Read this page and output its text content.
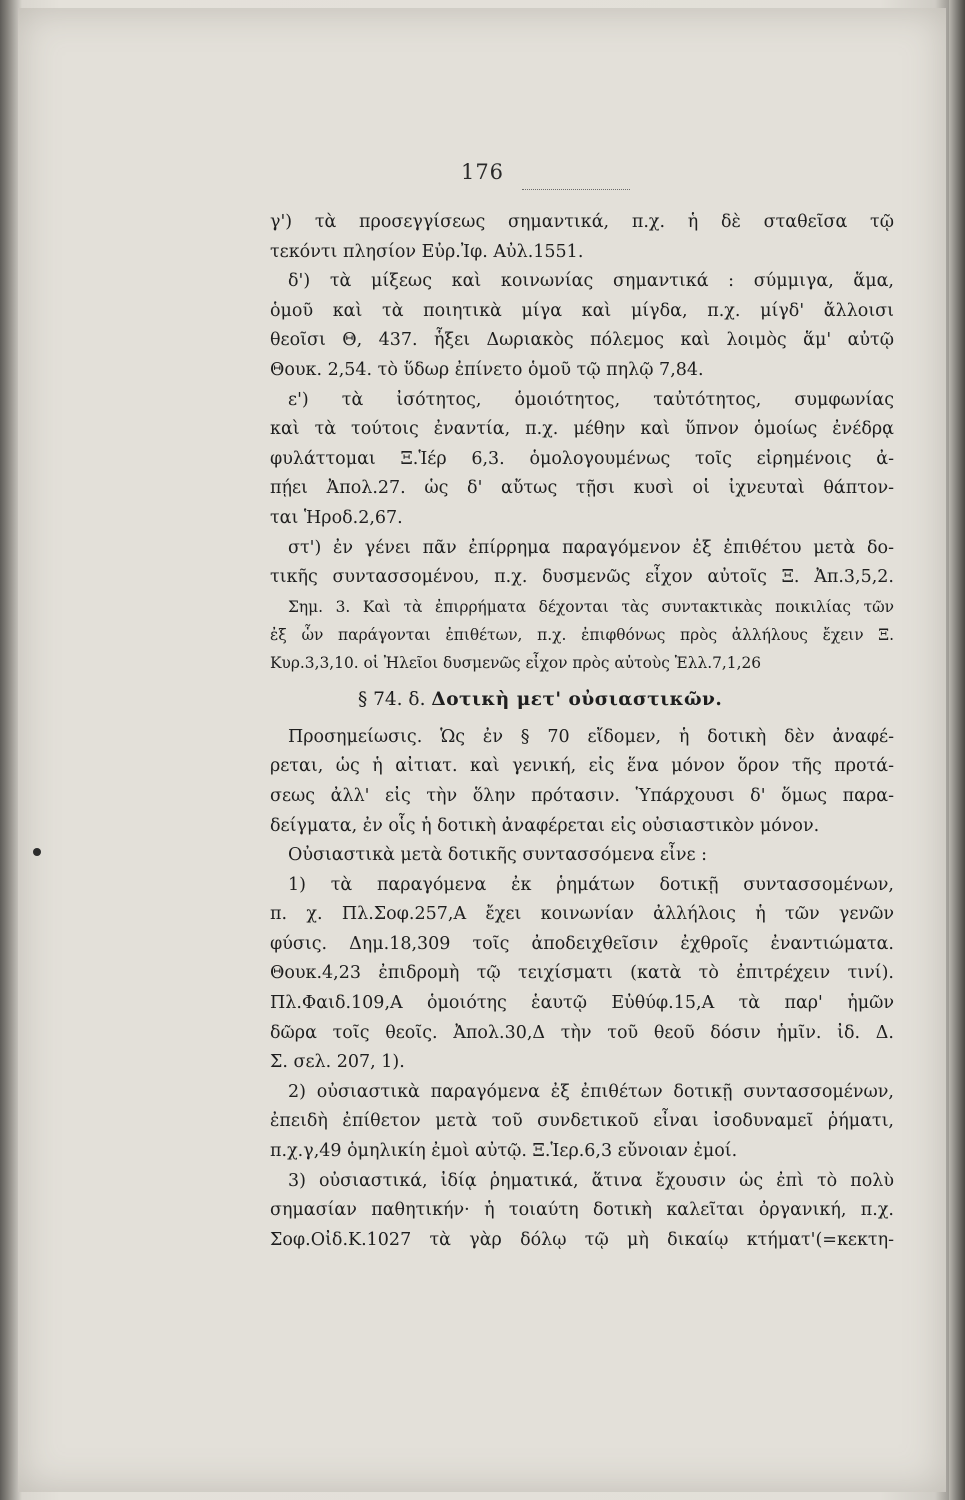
176
γ') τὰ προσεγγίσεως σημαντικά, π.χ. ἡ δὲ σταθεῖσα τῷ
τεκόντι πλησίον Εὐρ.Ἰφ. Αὐλ.1551.
δ') τὰ μίξεως καὶ κοινωνίας σημαντικά : σύμμιγα, ἅμα,
ὁμοῦ καὶ τὰ ποιητικὰ μίγα καὶ μίγδα, π.χ. μίγδ' ἄλλοισι
θεοῖσι Θ, 437. ἧξει Δωριακὸς πόλεμος καὶ λοιμὸς ἅμ' αὐτῷ
Θουκ. 2,54. τὸ ὕδωρ ἐπίνετο ὁμοῦ τῷ πηλῷ 7,84.
ε') τὰ ἰσότητος, ὁμοιότητος, ταὐτότητος, συμφωνίας
καὶ τὰ τούτοις ἐναντία, π.χ. μέθην καὶ ὕπνον ὁμοίως ἐνέδρᾳ
φυλάττομαι Ξ.Ἱέρ 6,3. ὁμολογουμένως τοῖς εἰρημένοις ἀ-
πῄει Ἀπολ.27. ὡς δ' αὔτως τῇσι κυσὶ οἱ ἰχνευταὶ θάπτον-
ται Ἡροδ.2,67.
στ') ἐν γένει πᾶν ἐπίρρημα παραγόμενον ἐξ ἐπιθέτου μετὰ δο-
τικῆς συντασσομένου, π.χ. δυσμενῶς εἶχον αὐτοῖς Ξ. Ἀπ.3,5,2.
Σημ. 3. Καὶ τὰ ἐπιρρήματα δέχονται τὰς συντακτικὰς ποικιλίας τῶν
ἐξ ὧν παράγονται ἐπιθέτων, π.χ. ἐπιφθόνως πρὸς ἀλλήλους ἔχειν Ξ.
Κυρ.3,3,10. οἱ Ἠλεῖοι δυσμενῶς εἶχον πρὸς αὐτοὺς Ἑλλ.7,1,26
§ 74. δ. Δοτικὴ μετ' οὐσιαστικῶν.
Προσημείωσις. Ὡς ἐν § 70 εἴδομεν, ἡ δοτικὴ δὲν ἀναφέ-
ρεται, ὡς ἡ αἰτιατ. καὶ γενική, εἰς ἕνα μόνον ὅρον τῆς προτά-
σεως ἀλλ' εἰς τὴν ὅλην πρότασιν. Ὑπάρχουσι δ' ὅμως παρα-
δείγματα, ἐν οἷς ἡ δοτικὴ ἀναφέρεται εἰς οὐσιαστικὸν μόνον.
Οὐσιαστικὰ μετὰ δοτικῆς συντασσόμενα εἶνε :
1) τὰ παραγόμενα ἐκ ῥημάτων δοτικῇ συντασσομένων,
π. χ. Πλ.Σοφ.257,Α ἔχει κοινωνίαν ἀλλήλοις ἡ τῶν γενῶν
φύσις. Δημ.18,309 τοῖς ἀποδειχθεῖσιν ἐχθροῖς ἐναντιώματα.
Θουκ.4,23 ἐπιδρομὴ τῷ τειχίσματι (κατὰ τὸ ἐπιτρέχειν τινί).
Πλ.Φαιδ.109,Α ὁμοιότης ἑαυτῷ Εὐθύφ.15,Α τὰ παρ' ἡμῶν
δῶρα τοῖς θεοῖς. Ἀπολ.30,Δ τὴν τοῦ θεοῦ δόσιν ἡμῖν. ἰδ. Δ.
Σ. σελ. 207, 1).
2) οὐσιαστικὰ παραγόμενα ἐξ ἐπιθέτων δοτικῇ συντασσομένων,
ἐπειδὴ ἐπίθετον μετὰ τοῦ συνδετικοῦ εἶναι ἰσοδυναμεῖ ῥήματι,
π.χ.γ,49 ὁμηλικίη ἐμοὶ αὐτῷ. Ξ.Ἱερ.6,3 εὔνοιαν ἐμοί.
3) οὐσιαστικά, ἰδίᾳ ῥηματικά, ἅτινα ἔχουσιν ὡς ἐπὶ τὸ πολὺ
σημασίαν παθητικήν· ἡ τοιαύτη δοτικὴ καλεῖται ὀργανική, π.χ.
Σοφ.Οἰδ.Κ.1027 τὰ γὰρ δόλῳ τῷ μὴ δικαίῳ κτήματ'(=κεκτη-
